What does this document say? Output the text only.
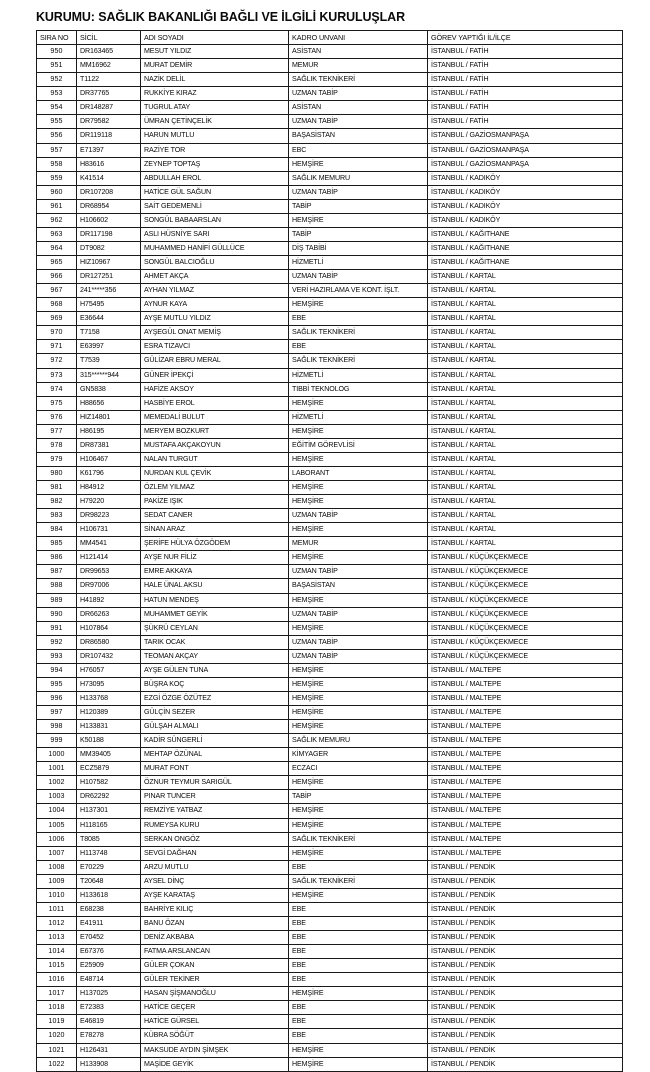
KURUMU: SAĞLIK BAKANLIĞI BAĞLI VE İLGİLİ KURULUŞLAR
SIRA NO	SİCİL	ADI SOYADI	KADRO UNVANI	GÖREV YAPTIĞI İL/İLÇE
950	DR163465	MESUT YILDIZ	ASİSTAN	İSTANBUL / FATİH
951	MM16962	MURAT DEMİR	MEMUR	İSTANBUL / FATİH
952	T1122	NAZİK DELİL	SAĞLIK TEKNİKERİ	İSTANBUL / FATİH
953	DR37765	RUKKİYE KIRAZ	UZMAN TABİP	İSTANBUL / FATİH
954	DR148287	TUGRUL ATAY	ASİSTAN	İSTANBUL / FATİH
955	DR79582	ÜMRAN ÇETİNÇELİK	UZMAN TABİP	İSTANBUL / FATİH
956	DR119118	HARUN MUTLU	BAŞASİSTAN	İSTANBUL / GAZİOSMANPAŞA
957	E71397	RAZİYE TOR	EBC	İSTANBUL / GAZİOSMANPAŞA
958	H83616	ZEYNEP TOPTAŞ	HEMŞİRE	İSTANBUL / GAZİOSMANPAŞA
959	K41514	ABDULLAH EROL	SAĞLIK MEMURU	İSTANBUL / KADIKÖY
960	DR107208	HATİCE GÜL SAĞUN	UZMAN TABİP	İSTANBUL / KADIKÖY
961	DR68954	SAİT GEDEMENLİ	TABİP	İSTANBUL / KADIKÖY
962	H106602	SONGÜL BABAARSLAN	HEMŞİRE	İSTANBUL / KADIKÖY
963	DR117198	ASLI HÜSNİYE SARI	TABİP	İSTANBUL / KAĞITHANE
964	DT9082	MUHAMMED HANİFİ GÜLLÜCE	DİŞ TABİBİ	İSTANBUL / KAĞITHANE
965	HIZ10967	SONGÜL BALCIOĞLU	HİZMETLİ	İSTANBUL / KAĞITHANE
966	DR127251	AHMET AKÇA	UZMAN TABİP	İSTANBUL / KARTAL
967	241*****356	AYHAN YILMAZ	VERİ HAZIRLAMA VE KONT. İŞLT.	İSTANBUL / KARTAL
968	H75495	AYNUR KAYA	HEMŞİRE	İSTANBUL / KARTAL
969	E36644	AYŞE MUTLU YILDIZ	EBE	İSTANBUL / KARTAL
970	T7158	AYŞEGÜL ONAT MEMİŞ	SAĞLIK TEKNİKERİ	İSTANBUL / KARTAL
971	E63997	ESRA TIZAVCI	EBE	İSTANBUL / KARTAL
972	T7539	GÜLİZAR EBRU MERAL	SAĞLIK TEKNİKERİ	İSTANBUL / KARTAL
973	315******944	GÜNER İPEKÇİ	HİZMETLİ	İSTANBUL / KARTAL
974	GN5838	HAFİZE AKSOY	TIBBİ TEKNOLOG	İSTANBUL / KARTAL
975	H88656	HASBİYE EROL	HEMŞİRE	İSTANBUL / KARTAL
976	HIZ14801	MEMEDALİ BULUT	HİZMETLİ	İSTANBUL / KARTAL
977	H86195	MERYEM BOZKURT	HEMŞİRE	İSTANBUL / KARTAL
978	DR87381	MUSTAFA AKÇAKOYUN	EĞİTİM GÖREVLİSİ	İSTANBUL / KARTAL
979	H106467	NALAN TURGUT	HEMŞİRE	İSTANBUL / KARTAL
980	K61796	NURDAN KUL ÇEVİK	LABORANT	İSTANBUL / KARTAL
981	H84912	ÖZLEM YILMAZ	HEMŞİRE	İSTANBUL / KARTAL
982	H79220	PAKİZE IŞIK	HEMŞİRE	İSTANBUL / KARTAL
983	DR98223	SEDAT CANER	UZMAN TABİP	İSTANBUL / KARTAL
984	H106731	SİNAN ARAZ	HEMŞİRE	İSTANBUL / KARTAL
985	MM4541	ŞERİFE HÜLYA ÖZGÖDEM	MEMUR	İSTANBUL / KARTAL
986	H121414	AYŞE NUR FİLİZ	HEMŞİRE	İSTANBUL / KÜÇÜKÇEKMECE
987	DR99653	EMRE AKKAYA	UZMAN TABİP	İSTANBUL / KÜÇÜKÇEKMECE
988	DR97006	HALE ÜNAL AKSU	BAŞASİSTAN	İSTANBUL / KÜÇÜKÇEKMECE
989	H41892	HATUN MENDEŞ	HEMŞİRE	İSTANBUL / KÜÇÜKÇEKMECE
990	DR66263	MUHAMMET GEYİK	UZMAN TABİP	İSTANBUL / KÜÇÜKÇEKMECE
991	H107864	ŞÜKRÜ CEYLAN	HEMŞİRE	İSTANBUL / KÜÇÜKÇEKMECE
992	DR86580	TARIK OCAK	UZMAN TABİP	İSTANBUL / KÜÇÜKÇEKMECE
993	DR107432	TEOMAN AKÇAY	UZMAN TABİP	İSTANBUL / KÜÇÜKÇEKMECE
994	H76057	AYŞE GÜLEN TUNA	HEMŞİRE	İSTANBUL / MALTEPE
995	H73095	BÜŞRA KOÇ	HEMŞİRE	İSTANBUL / MALTEPE
996	H133768	EZGİ ÖZGE ÖZÜTEZ	HEMŞİRE	İSTANBUL / MALTEPE
997	H120389	GÜLÇİN SEZER	HEMŞİRE	İSTANBUL / MALTEPE
998	H133831	GÜLŞAH ALMALI	HEMŞİRE	İSTANBUL / MALTEPE
999	K50188	KADİR SÜNGERLİ	SAĞLIK MEMURU	İSTANBUL / MALTEPE
1000	MM39405	MEHTAP ÖZÜNAL	KİMYAGER	İSTANBUL / MALTEPE
1001	ECZ5879	MURAT FONT	ECZACI	İSTANBUL / MALTEPE
1002	H107582	ÖZNUR TEYMUR SARIGÜL	HEMŞİRE	İSTANBUL / MALTEPE
1003	DR62292	PINAR TUNCER	TABİP	İSTANBUL / MALTEPE
1004	H137301	REMZİYE YATBAZ	HEMŞİRE	İSTANBUL / MALTEPE
1005	H118165	RUMEYSA KURU	HEMŞİRE	İSTANBUL / MALTEPE
1006	T8085	SERKAN ONGÖZ	SAĞLIK TEKNİKERİ	İSTANBUL / MALTEPE
1007	H113748	SEVGİ DAĞHAN	HEMŞİRE	İSTANBUL / MALTEPE
1008	E70229	ARZU MUTLU	EBE	İSTANBUL / PENDİK
1009	T20648	AYSEL DİNÇ	SAĞLIK TEKNİKERİ	İSTANBUL / PENDİK
1010	H133618	AYŞE KARATAŞ	HEMŞİRE	İSTANBUL / PENDİK
1011	E68238	BAHRİYE KILIÇ	EBE	İSTANBUL / PENDİK
1012	E41911	BANU ÖZAN	EBE	İSTANBUL / PENDİK
1013	E70452	DENİZ AKBABA	EBE	İSTANBUL / PENDİK
1014	E67376	FATMA ARSLANCAN	EBE	İSTANBUL / PENDİK
1015	E25909	GÜLER ÇOKAN	EBE	İSTANBUL / PENDİK
1016	E48714	GÜLER TEKİNER	EBE	İSTANBUL / PENDİK
1017	H137025	HASAN ŞİŞMANOĞLU	HEMŞİRE	İSTANBUL / PENDİK
1018	E72383	HATİCE GEÇER	EBE	İSTANBUL / PENDİK
1019	E46819	HATİCE GÜRSEL	EBE	İSTANBUL / PENDİK
1020	E78278	KÜBRA SÖĞÜT	EBE	İSTANBUL / PENDİK
1021	H126431	MAKSUDE AYDIN ŞİMŞEK	HEMŞİRE	İSTANBUL / PENDİK
1022	H133908	MAŞİDE GEYİK	HEMŞİRE	İSTANBUL / PENDİK
